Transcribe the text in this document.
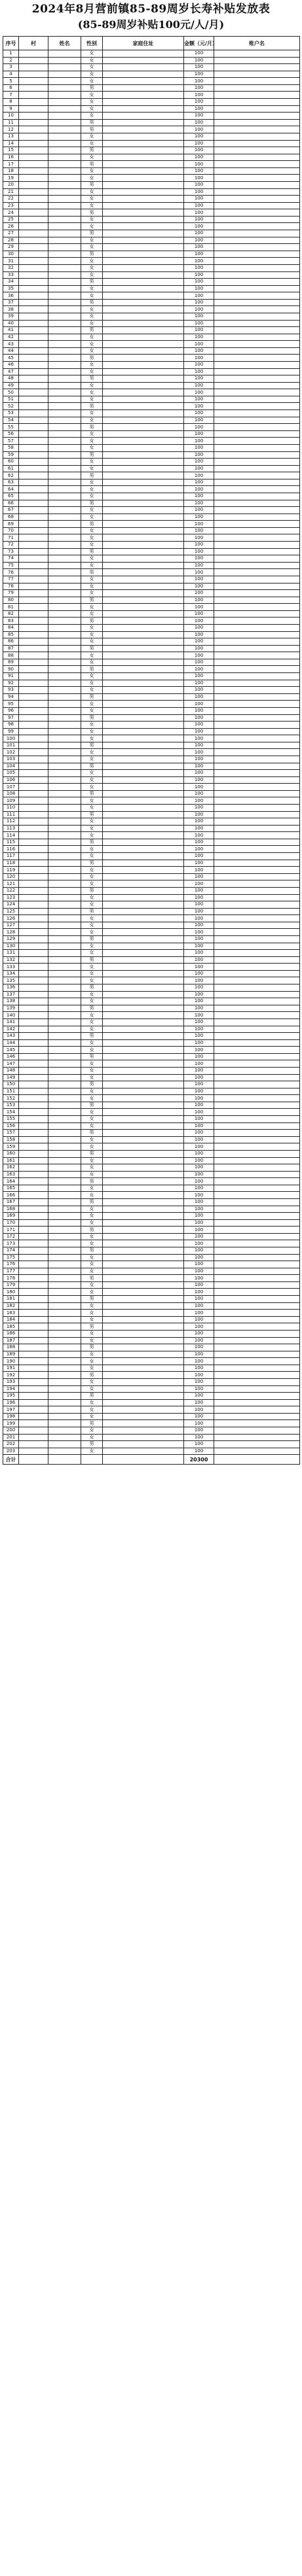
2024年8月营前镇85-89周岁长寿补贴发放表
(85-89周岁补贴100元/人/月)
序号	村	姓名	性别	家庭住址	金额（元/月）	账户名
1			女		100	
2			女		100	
3			女		100	
4			女		100	
5			女		100	
6			男		100	
7			女		100	
8			女		100	
9			女		100	
10			女		100	
11			男		100	
12			男		100	
13			女		100	
14			女		100	
15			男		100	
16			女		100	
17			男		100	
18			女		100	
19			女		100	
20			男		100	
21			女		100	
22			女		100	
23			女		100	
24			男		100	
25			女		100	
26			女		100	
27			男		100	
28			女		100	
29			女		100	
30			男		100	
31			女		100	
32			女		100	
33			女		100	
34			男		100	
35			女		100	
36			女		100	
37			男		100	
38			女		100	
39			女		100	
40			女		100	
41			男		100	
42			女		100	
43			女		100	
44			女		100	
45			男		100	
46			女		100	
47			女		100	
48			男		100	
49			女		100	
50			女		100	
51			女		100	
52			男		100	
53			女		100	
54			女		100	
55			男		100	
56			女		100	
57			女		100	
58			女		100	
59			男		100	
60			女		100	
61			女		100	
62			男		100	
63			女		100	
64			女		100	
65			女		100	
66			男		100	
67			女		100	
68			女		100	
69			男		100	
70			女		100	
71			女		100	
72			女		100	
73			男		100	
74			女		100	
75			女		100	
76			男		100	
77			女		100	
78			女		100	
79			女		100	
80			男		100	
81			女		100	
82			女		100	
83			男		100	
84			女		100	
85			女		100	
86			女		100	
87			男		100	
88			女		100	
89			女		100	
90			男		100	
91			女		100	
92			女		100	
93			女		100	
94			男		100	
95			女		100	
96			女		100	
97			男		100	
98			女		100	
99			女		100	
100			女		100	
101			男		100	
102			女		100	
103			女		100	
104			男		100	
105			女		100	
106			女		100	
107			女		100	
108			男		100	
109			女		100	
110			女		100	
111			男		100	
112			女		100	
113			女		100	
114			女		100	
115			男		100	
116			女		100	
117			女		100	
118			男		100	
119			女		100	
120			女		100	
121			女		100	
122			男		100	
123			女		100	
124			女		100	
125			男		100	
126			女		100	
127			女		100	
128			女		100	
129			男		100	
130			女		100	
131			女		100	
132			男		100	
133			女		100	
134			女		100	
135			女		100	
136			男		100	
137			女		100	
138			女		100	
139			男		100	
140			女		100	
141			女		100	
142			女		100	
143			男		100	
144			女		100	
145			女		100	
146			男		100	
147			女		100	
148			女		100	
149			女		100	
150			男		100	
151			女		100	
152			女		100	
153			男		100	
154			女		100	
155			女		100	
156			女		100	
157			男		100	
158			女		100	
159			女		100	
160			男		100	
161			女		100	
162			女		100	
163			女		100	
164			男		100	
165			女		100	
166			女		100	
167			男		100	
168			女		100	
169			女		100	
170			女		100	
171			男		100	
172			女		100	
173			女		100	
174			男		100	
175			女		100	
176			女		100	
177			女		100	
178			男		100	
179			女		100	
180			女		100	
181			男		100	
182			女		100	
183			女		100	
184			女		100	
185			男		100	
186			女		100	
187			女		100	
188			男		100	
189			女		100	
190			女		100	
191			女		100	
192			男		100	
193			女		100	
194			女		100	
195			男		100	
196			女		100	
197			女		100	
198			女		100	
199			男		100	
200			女		100	
201			女		100	
202			男		100	
203			女		100	
合计					20300	
